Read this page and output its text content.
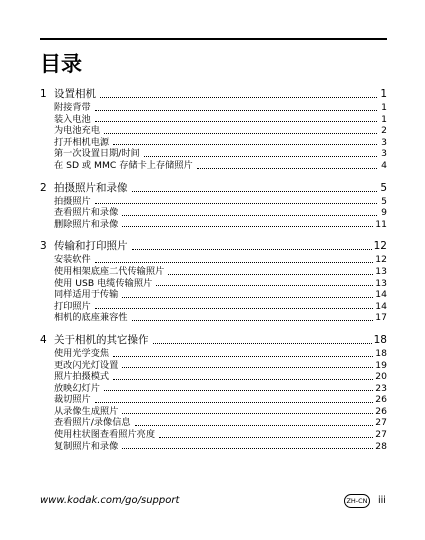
目录
1 设置相机	1
附接背带	1
装入电池	1
为电池充电	2
打开相机电源	3
第一次设置日期/时间	3
在 SD 或 MMC 存储卡上存储照片	4
2 拍摄照片和录像	5
拍摄照片	5
查看照片和录像	9
删除照片和录像	11
3 传输和打印照片	12
安装软件	12
使用相架底座二代传输照片	13
使用 USB 电缆传输照片	13
同样适用于传输	14
打印照片	14
相机的底座兼容性	17
4 关于相机的其它操作	18
使用光学变焦	18
更改闪光灯设置	19
照片拍摄模式	20
放映幻灯片	23
裁切照片	26
从录像生成照片	26
查看照片/录像信息	27
使用柱状图查看照片亮度	27
复制照片和录像	28
www.kodak.com/go/support	ZH-CN iii
